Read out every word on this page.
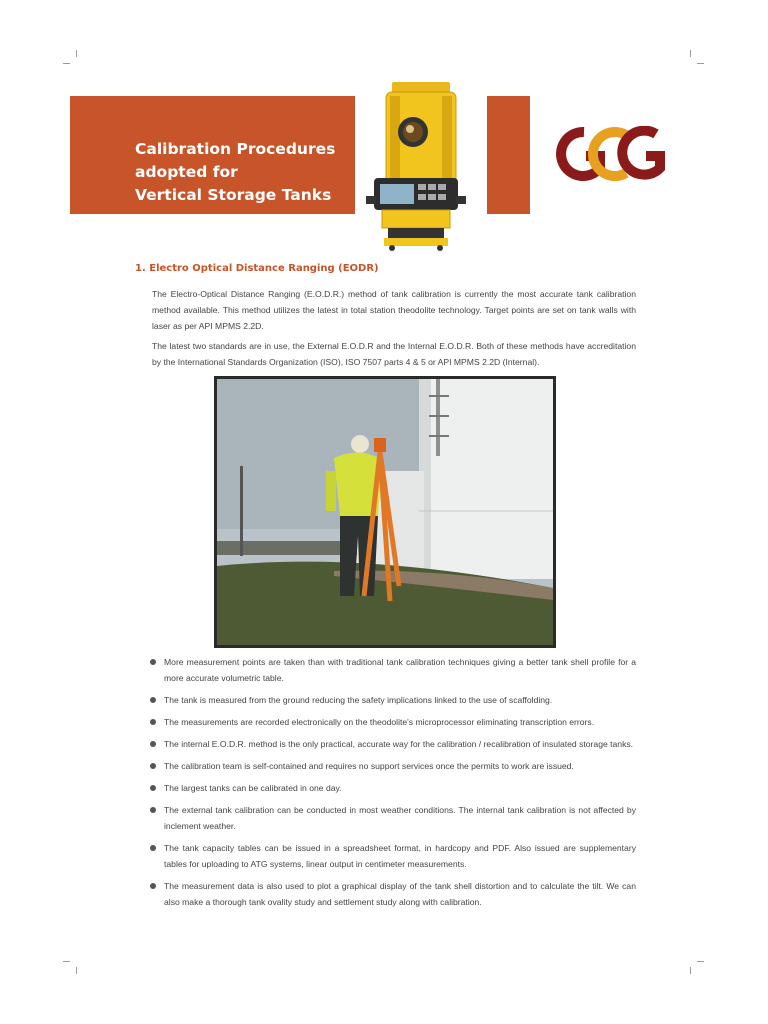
Calibration Procedures
adopted for
Vertical Storage Tanks
1. Electro Optical Distance Ranging (EODR)

The Electro-Optical Distance Ranging (E.O.D.R.) method of tank calibration is currently the most accurate tank calibration method available. This method utilizes the latest in total station theodolite technology. Target points are set on tank walls with laser as per API MPMS 2.2D.

The latest two standards are in use, the External E.O.D.R and the Internal E.O.D.R. Both of these methods have accreditation by the International Standards Organization (ISO), ISO 7507 parts 4 & 5 or API MPMS 2.2D (Internal).

More measurement points are taken than with traditional tank calibration techniques giving a better tank shell profile for a more accurate volumetric table.
The tank is measured from the ground reducing the safety implications linked to the use of scaffolding.
The measurements are recorded electronically on the theodolite's microprocessor eliminating transcription errors.
The internal E.O.D.R. method is the only practical, accurate way for the calibration / recalibration of insulated storage tanks.
The calibration team is self-contained and requires no support services once the permits to work are issued.
The largest tanks can be calibrated in one day.
The external tank calibration can be conducted in most weather conditions. The internal tank calibration is not affected by inclement weather.
The tank capacity tables can be issued in a spreadsheet format, in hardcopy and PDF. Also issued are supplementary tables for uploading to ATG systems, linear output in centimeter measurements.
The measurement data is also used to plot a graphical display of the tank shell distortion and to calculate the tilt. We can also make a thorough tank ovality study and settlement study along with calibration.
